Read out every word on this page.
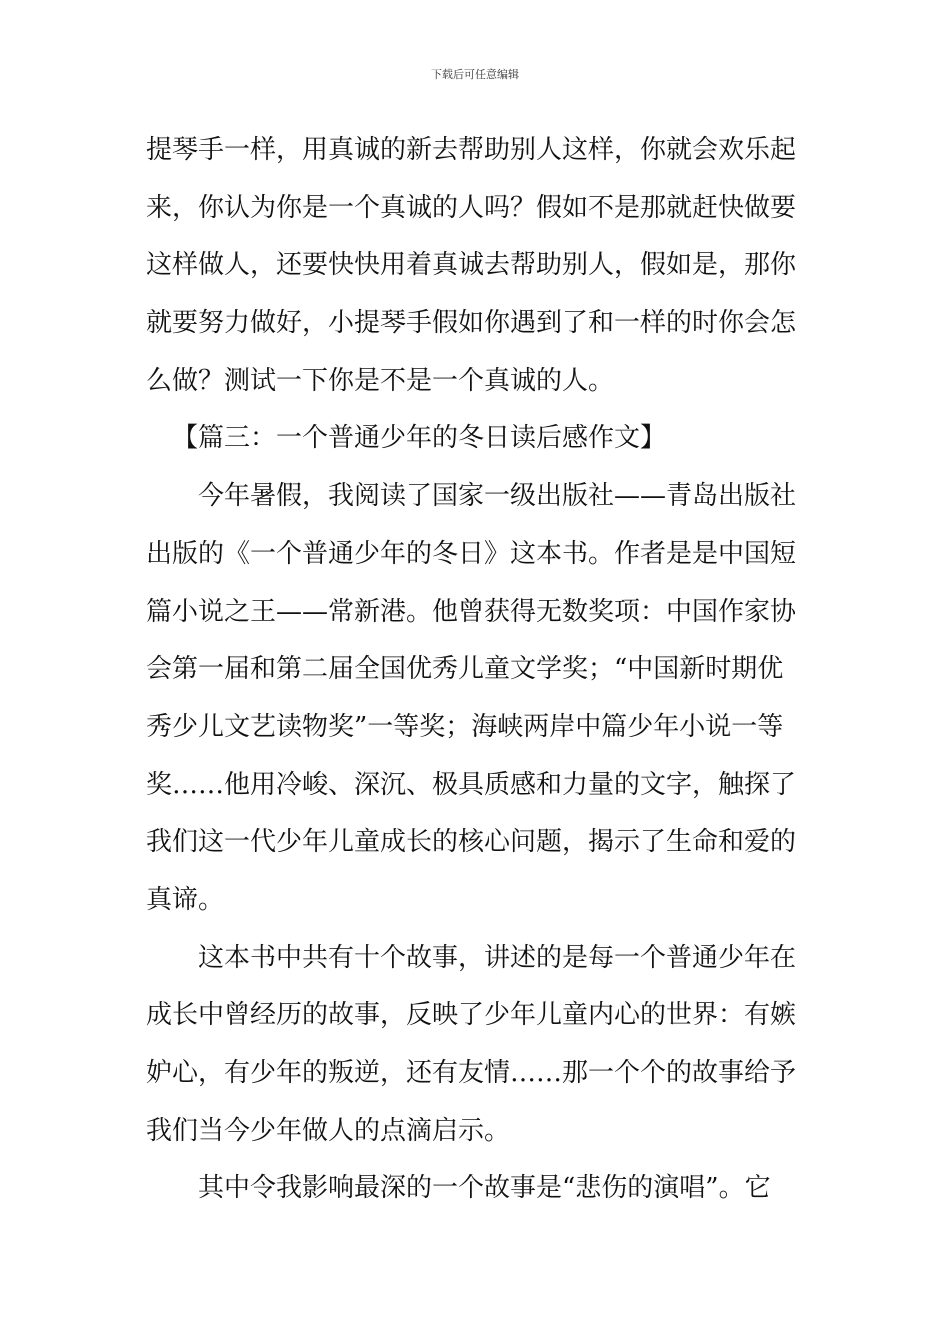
下载后可任意编辑
提琴手一样，用真诚的新去帮助别人这样，你就会欢乐起
来，你认为你是一个真诚的人吗？假如不是那就赶快做要
这样做人，还要快快用着真诚去帮助别人，假如是，那你
就要努力做好，小提琴手假如你遇到了和一样的时你会怎
么做？测试一下你是不是一个真诚的人。
【篇三：一个普通少年的冬日读后感作文】
今年暑假，我阅读了国家一级出版社——青岛出版社
出版的《一个普通少年的冬日》这本书。作者是是中国短
篇小说之王——常新港。他曾获得无数奖项：中国作家协
会第一届和第二届全国优秀儿童文学奖；“中国新时期优
秀少儿文艺读物奖”一等奖；海峡两岸中篇少年小说一等
奖……他用冷峻、深沉、极具质感和力量的文字，触探了
我们这一代少年儿童成长的核心问题，揭示了生命和爱的
真谛。
这本书中共有十个故事，讲述的是每一个普通少年在
成长中曾经历的故事，反映了少年儿童内心的世界：有嫉
妒心，有少年的叛逆，还有友情……那一个个的故事给予
我们当今少年做人的点滴启示。
其中令我影响最深的一个故事是“悲伤的演唱”。它
